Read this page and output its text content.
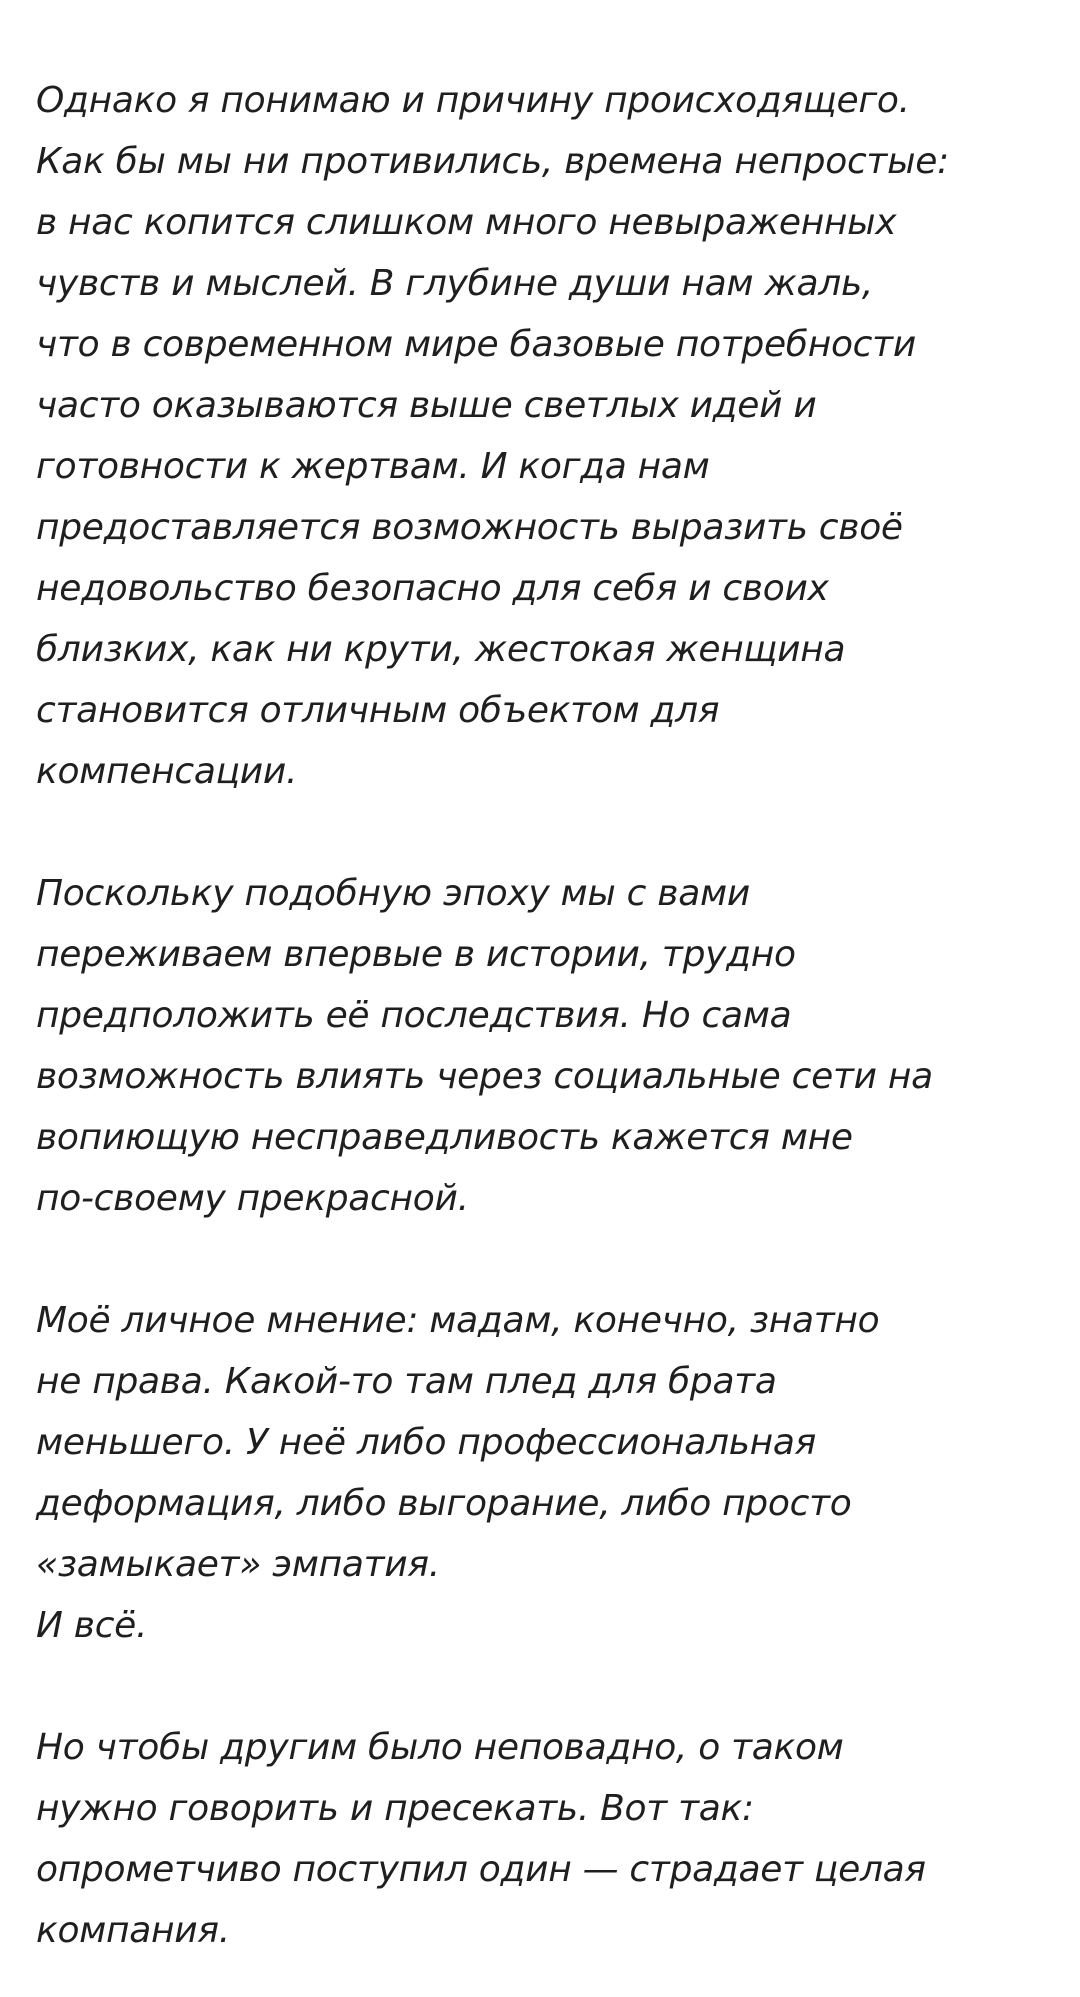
Однако я понимаю и причину происходящего.
Как бы мы ни противились, времена непростые:
в нас копится слишком много невыраженных
чувств и мыслей. В глубине души нам жаль,
что в современном мире базовые потребности
часто оказываются выше светлых идей и
готовности к жертвам. И когда нам
предоставляется возможность выразить своё
недовольство безопасно для себя и своих
близких, как ни крути, жестокая женщина
становится отличным объектом для
компенсации.

Поскольку подобную эпоху мы с вами
переживаем впервые в истории, трудно
предположить её последствия. Но сама
возможность влиять через социальные сети на
вопиющую несправедливость кажется мне
по-своему прекрасной.

Моё личное мнение: мадам, конечно, знатно
не права. Какой-то там плед для брата
меньшего. У неё либо профессиональная
деформация, либо выгорание, либо просто
«замыкает» эмпатия.
И всё.

Но чтобы другим было неповадно, о таком
нужно говорить и пресекать. Вот так:
опрометчиво поступил один — страдает целая
компания.
